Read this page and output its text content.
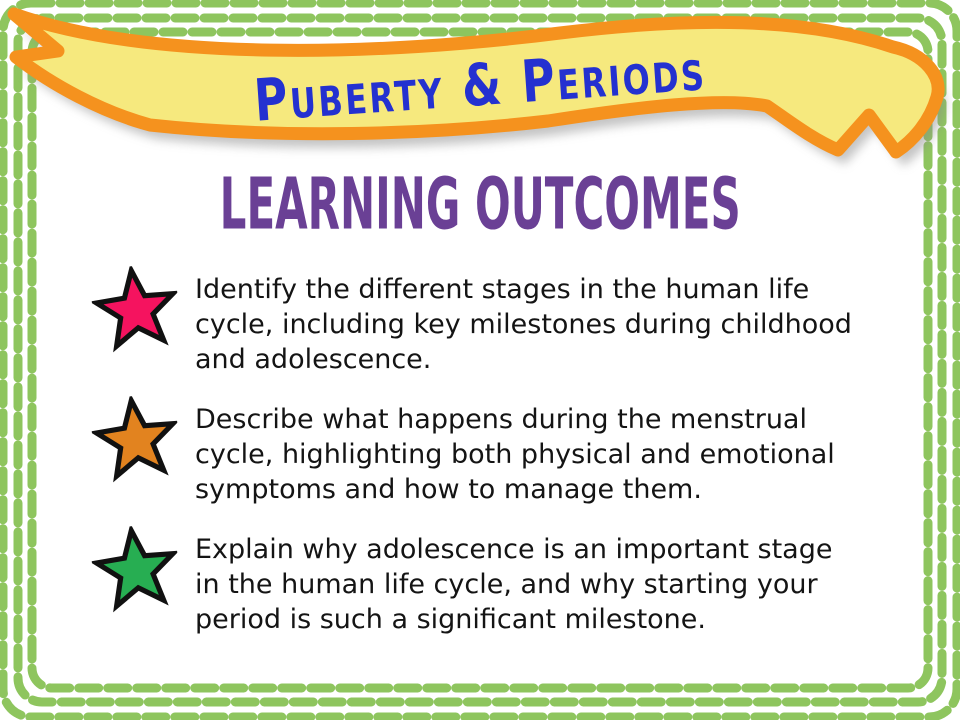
Puberty & Periods
LEARNING OUTCOMES

Identify the different stages in the human life
cycle, including key milestones during childhood
and adolescence.

Describe what happens during the menstrual
cycle, highlighting both physical and emotional
symptoms and how to manage them.

Explain why adolescence is an important stage
in the human life cycle, and why starting your
period is such a significant milestone.
